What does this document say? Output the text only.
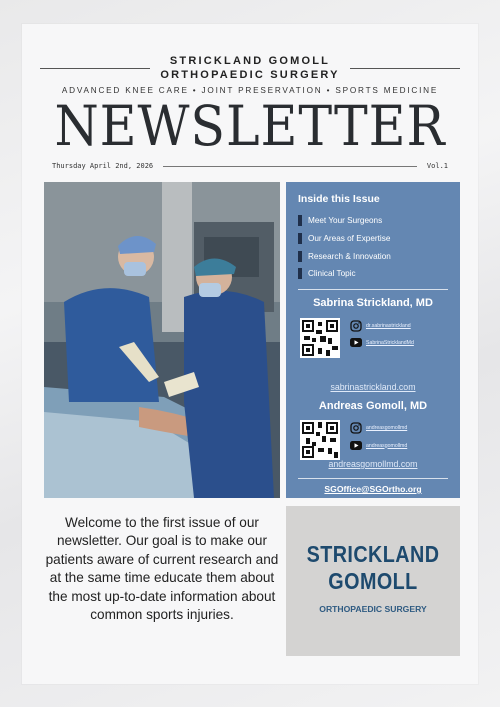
STRICKLAND GOMOLL
ORTHOPAEDIC SURGERY
ADVANCED KNEE CARE • JOINT PRESERVATION • SPORTS MEDICINE
NEWSLETTER
Thursday April 2nd, 2026	Vol.1
Inside this Issue
Meet Your Surgeons
Our Areas of Expertise
Research & Innovation
Clinical Topic
Sabrina Strickland, MD
dr.sabrinastrickland
SabrinaStricklandMd
sabrinastrickland.com
Andreas Gomoll, MD
andreasgomollmd
andreasgomollmd
andreasgomollmd.com
SGOffice@SGOrtho.org
Welcome to the first issue of our newsletter. Our goal is to make our patients aware of current research and at the same time educate them about the most up-to-date information about common sports injuries.
STRICKLAND
GOMOLL
ORTHOPAEDIC SURGERY
